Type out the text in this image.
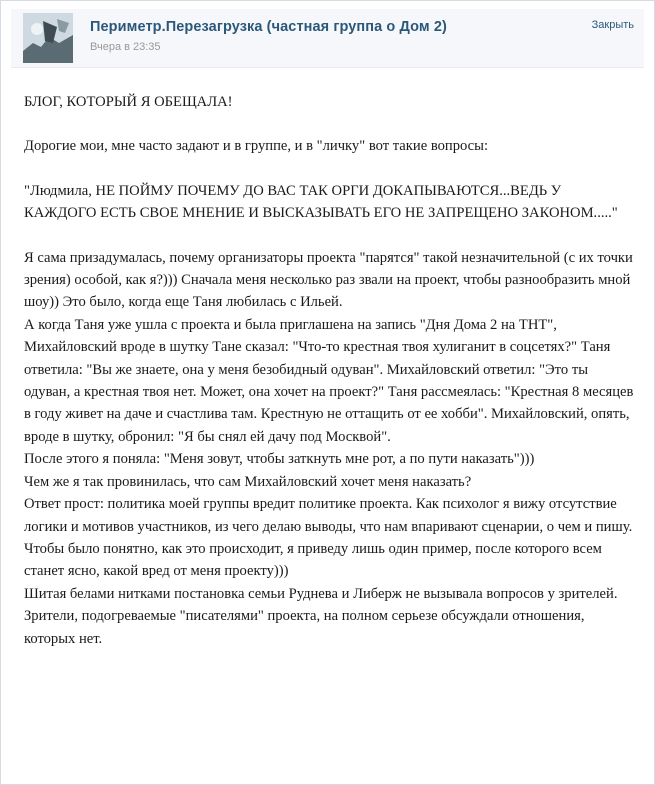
Периметр.Перезагрузка (частная группа о Дом 2)
Вчера в 23:35
Закрыть

БЛОГ, КОТОРЫЙ Я ОБЕЩАЛА!

Дорогие мои, мне часто задают и в группе, и в "личку" вот такие вопросы:

"Людмила, НЕ ПОЙМУ ПОЧЕМУ ДО ВАС ТАК ОРГИ ДОКАПЫВАЮТСЯ...ВЕДЬ У КАЖДОГО ЕСТЬ СВОЕ МНЕНИЕ И ВЫСКАЗЫВАТЬ ЕГО НЕ ЗАПРЕЩЕНО ЗАКОНОМ....."

Я сама призадумалась, почему организаторы проекта "парятся" такой незначительной (с их точки зрения) особой, как я?))) Сначала меня несколько раз звали на проект, чтобы разнообразить мной шоу)) Это было, когда еще Таня любилась с Ильей.

А когда Таня уже ушла с проекта и была приглашена на запись "Дня Дома 2 на ТНТ", Михайловский вроде в шутку Тане сказал: "Что-то крестная твоя хулиганит в соцсетях?" Таня ответила: "Вы же знаете, она у меня безобидный одуван". Михайловский ответил: "Это ты одуван, а крестная твоя нет. Может, она хочет на проект?" Таня рассмеялась: "Крестная 8 месяцев в году живет на даче и счастлива там. Крестную не оттащить от ее хобби". Михайловский, опять, вроде в шутку, обронил: "Я бы снял ей дачу под Москвой".

После этого я поняла: "Меня зовут, чтобы заткнуть мне рот, а по пути наказать")))

Чем же я так провинилась, что сам Михайловский хочет меня наказать?

Ответ прост: политика моей группы вредит политике проекта. Как психолог я вижу отсутствие логики и мотивов участников, из чего делаю выводы, что нам впаривают сценарии, о чем и пишу.

Чтобы было понятно, как это происходит, я приведу лишь один пример, после которого всем станет ясно, какой вред от меня проекту)))

Шитая белами нитками постановка семьи Руднева и Либерж не вызывала вопросов у зрителей. Зрители, подогреваемые "писателями" проекта, на полном серьезе обсуждали отношения, которых нет.
